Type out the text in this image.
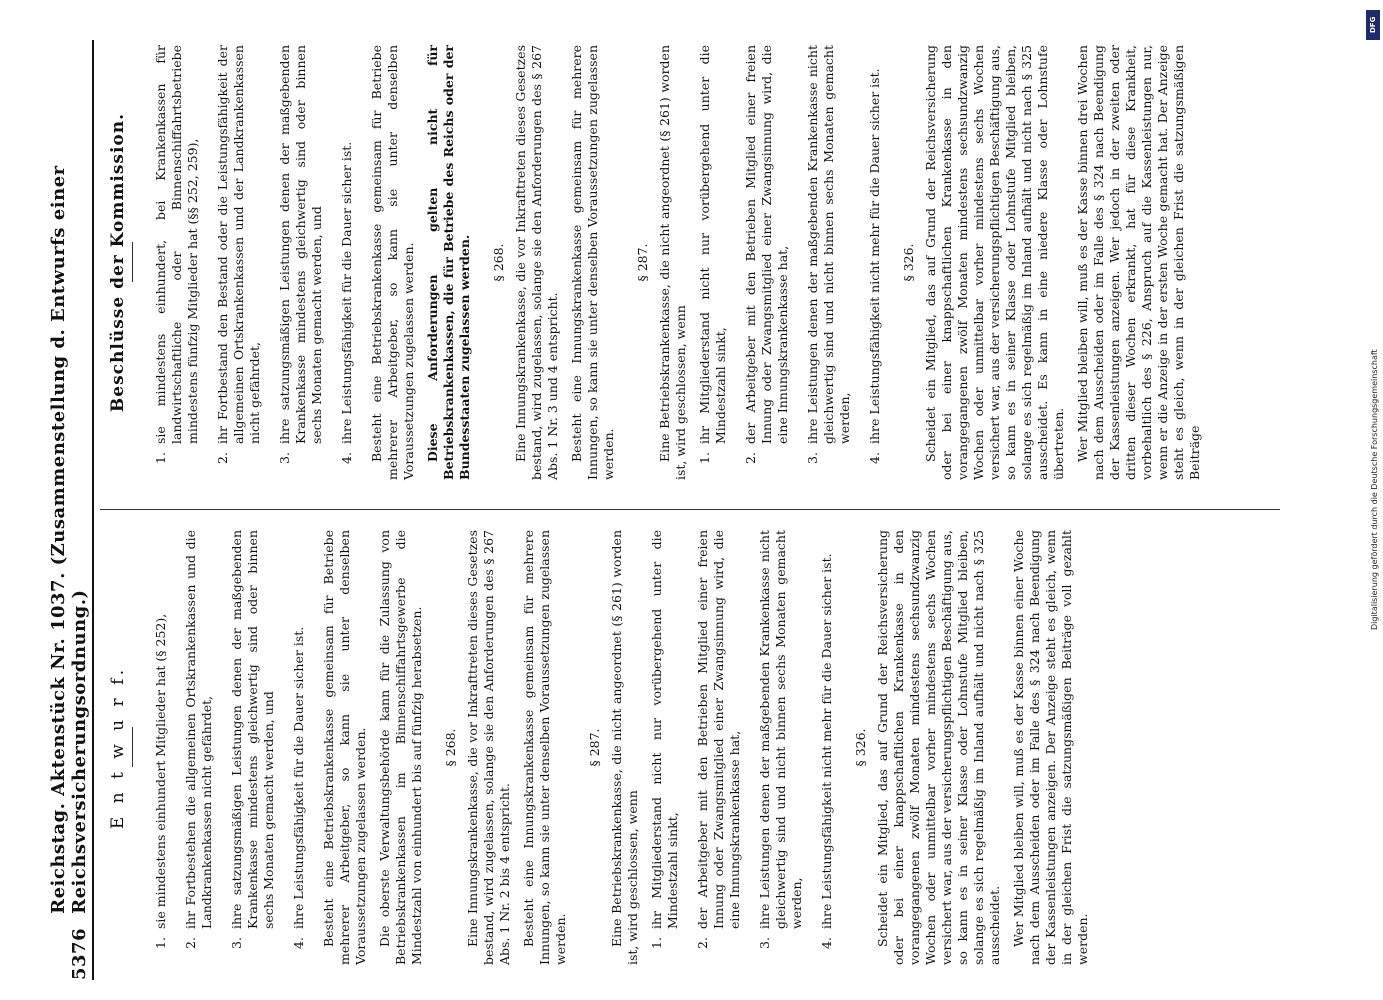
5376
Reichstag. Aktenstück Nr. 1037. (Zusammenstellung d. Entwurfs einer Reichsversicherungsordnung.) E n t w u r f.
1.
sie mindestens einhundert Mitglieder hat (§ 252),
2.
ihr Fortbestehen die allgemeinen Ortskrankenkassen und die Landkrankenkassen nicht gefährdet,
3.
ihre satzungsmäßigen Leistungen denen der maßgebenden Krankenkasse mindestens gleichwertig sind oder binnen sechs Monaten gemacht werden, und
4.
ihre Leistungsfähigkeit für die Dauer sicher ist. Besteht eine Betriebskrankenkasse gemeinsam für Betriebe mehrerer Arbeitgeber, so kann sie unter denselben Voraussetzungen zugelassen werden. Die oberste Verwaltungsbehörde kann für die Zulassung von Betriebskrankenkassen im Binnenschiffahrtsgewerbe die Mindestzahl von einhundert bis auf fünfzig herabsetzen. § 268. Eine Innungskrankenkasse, die vor Inkrafttreten dieses Gesetzes bestand, wird zugelassen, solange sie den Anforderungen des § 267 Abs. 1 Nr. 2 bis 4 entspricht. Besteht eine Innungskrankenkasse gemeinsam für mehrere Innungen, so kann sie unter denselben Voraussetzungen zugelassen werden.

§ 287. Eine Betriebskrankenkasse, die nicht angeordnet (§ 261) worden ist, wird geschlossen, wenn 1.
ihr Mitgliederstand nicht nur vorübergehend unter die Mindestzahl sinkt,
2.
der Arbeitgeber mit den Betrieben Mitglied einer freien Innung oder Zwangsmitglied einer Zwangsinnung wird, die eine Innungskrankenkasse hat,
3.
ihre Leistungen denen der maßgebenden Krankenkasse nicht gleichwertig sind und nicht binnen sechs Monaten gemacht werden,
4.
ihre Leistungsfähigkeit nicht mehr für die Dauer sicher ist. § 326. Scheidet ein Mitglied, das auf Grund der Reichsversicherung oder bei einer knappschaftlichen Krankenkasse in den vorangegangenen zwölf Monaten mindestens sechsundzwanzig Wochen oder unmittelbar vorher mindestens sechs Wochen versichert war, aus der versicherungspflichtigen Beschäftigung aus, so kann es in seiner Klasse oder Lohnstufe Mitglied bleiben, solange es sich regelmäßig im Inland aufhält und nicht nach § 325 ausscheidet. Wer Mitglied bleiben will, muß es der Kasse binnen einer Woche nach dem Ausscheiden oder im Falle des § 324 nach Beendigung der Kassenleistungen anzeigen. Der Anzeige steht es gleich, wenn in der gleichen Frist die satzungsmäßigen Beiträge voll gezahlt werden.

Beschlüsse der Kommission.
1.
sie mindestens einhundert, bei Krankenkassen für landwirtschaftliche oder Binnenschiffahrtsbetriebe mindestens fünfzig Mitglieder hat (§§ 252, 259),
2.
ihr Fortbestand den Bestand oder die Leistungsfähigkeit der allgemeinen Ortskrankenkassen und der Landkrankenkassen nicht gefährdet,
3.
ihre satzungsmäßigen Leistungen denen der maßgebenden Krankenkasse mindestens gleichwertig sind oder binnen sechs Monaten gemacht werden, und
4.
ihre Leistungsfähigkeit für die Dauer sicher ist. Besteht eine Betriebskrankenkasse gemeinsam für Betriebe mehrerer Arbeitgeber, so kann sie unter denselben Voraussetzungen zugelassen werden. Diese Anforderungen gelten nicht für Betriebskrankenkassen, die für Betriebe des Reichs oder der Bundesstaaten zugelassen werden. § 268. Eine Innungskrankenkasse, die vor Inkrafttreten dieses Gesetzes bestand, wird zugelassen, solange sie den Anforderungen des § 267 Abs. 1 Nr. 3 und 4 entspricht. Besteht eine Innungskrankenkasse gemeinsam für mehrere Innungen, so kann sie unter denselben Voraussetzungen zugelassen werden.

§ 287. Eine Betriebskrankenkasse, die nicht angeordnet (§ 261) worden ist, wird geschlossen, wenn 1.
ihr Mitgliederstand nicht nur vorübergehend unter die Mindestzahl sinkt,
2.
der Arbeitgeber mit den Betrieben Mitglied einer freien Innung oder Zwangsmitglied einer Zwangsinnung wird, die eine Innungskrankenkasse hat,
3.
ihre Leistungen denen der maßgebenden Krankenkasse nicht gleichwertig sind und nicht binnen sechs Monaten gemacht werden,
4.
ihre Leistungsfähigkeit nicht mehr für die Dauer sicher ist. § 326. Scheidet ein Mitglied, das auf Grund der Reichsversicherung oder bei einer knappschaftlichen Krankenkasse in den vorangegangenen zwölf Monaten mindestens sechsundzwanzig Wochen oder unmittelbar vorher mindestens sechs Wochen versichert war, aus der versicherungspflichtigen Beschäftigung aus, so kann es in seiner Klasse oder Lohnstufe Mitglied bleiben, solange es sich regelmäßig im Inland aufhält und nicht nach § 325 ausscheidet. Es kann in eine niedere Klasse oder Lohnstufe übertreten. Wer Mitglied bleiben will, muß es der Kasse binnen drei Wochen nach dem Ausscheiden oder im Falle des § 324 nach Beendigung der Kassenleistungen anzeigen. Wer jedoch in der zweiten oder dritten dieser Wochen erkrankt, hat für diese Krankheit, vorbehaltlich des § 226, Anspruch auf die Kassenleistungen nur, wenn er die Anzeige in der ersten Woche gemacht hat. Der Anzeige steht es gleich, wenn in der gleichen Frist die satzungsmäßigen Beiträge

DFG
Digitalisierung gefördert durch die Deutsche Forschungsgemeinschaft
